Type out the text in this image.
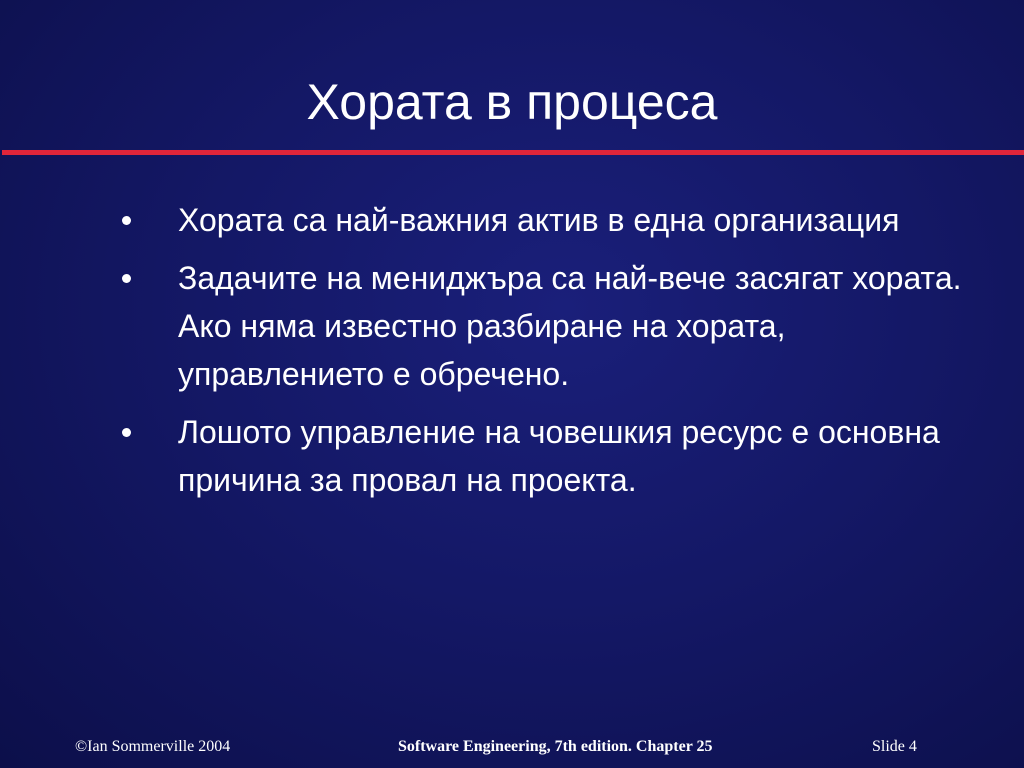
Хората в процеса
Хората са най-важния актив в една организация
Задачите на мениджъра са най-вече засягат хората. Ако няма известно разбиране на хората, управлението е обречено.
Лошото управление на човешкия ресурс е основна причина за провал на проекта.
©Ian Sommerville 2004	Software Engineering, 7th edition. Chapter 25	Slide 4
